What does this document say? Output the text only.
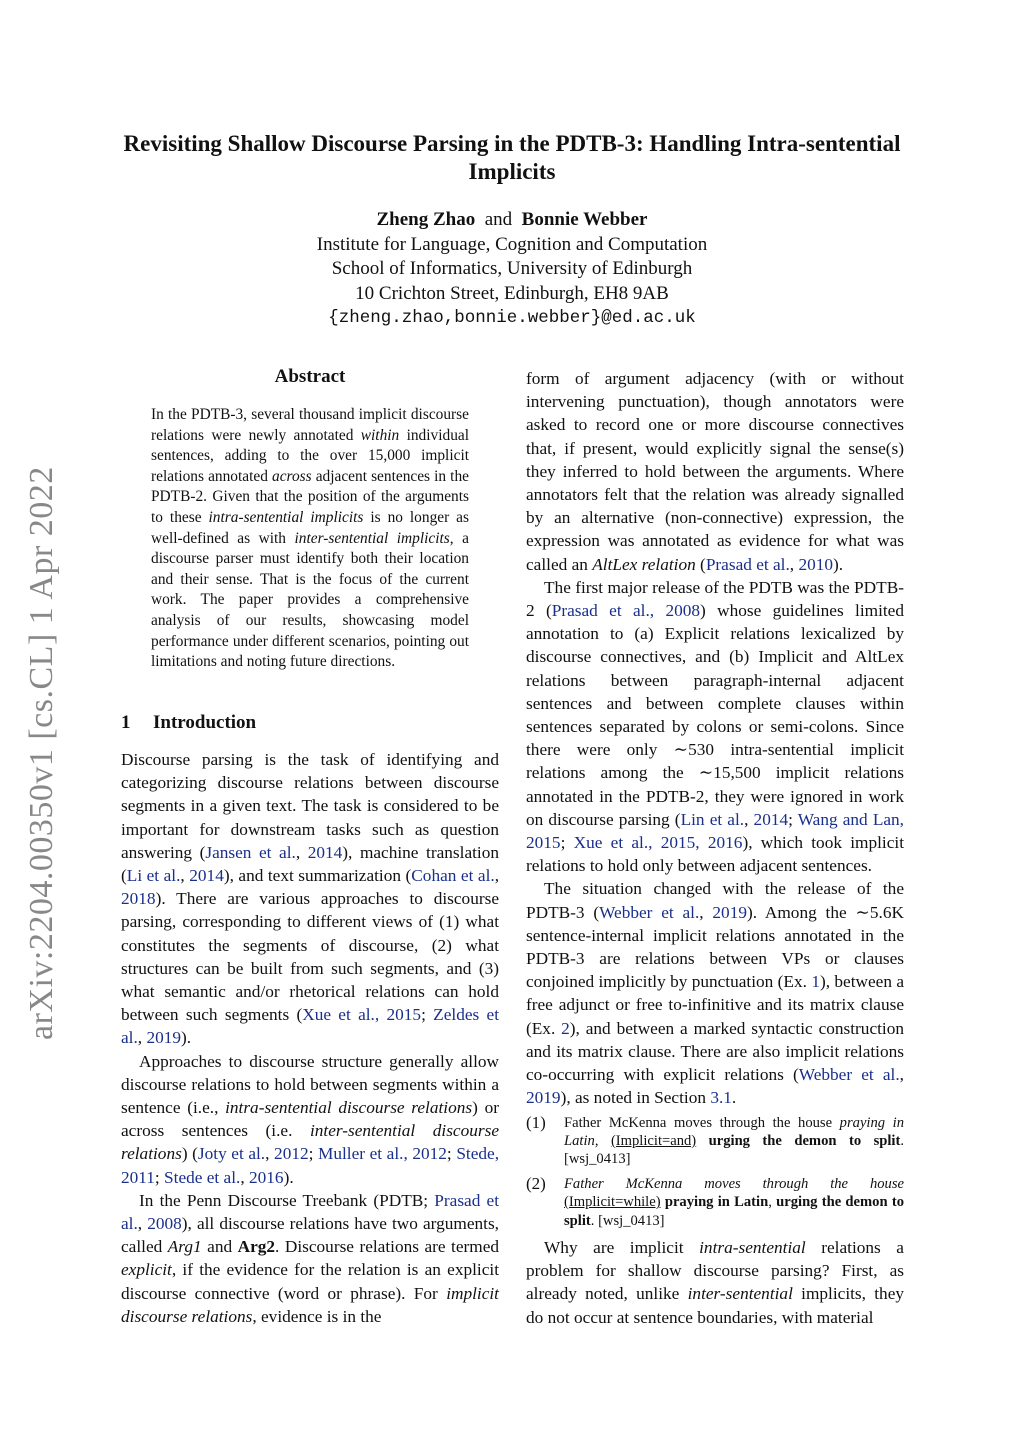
arXiv:2204.00350v1 [cs.CL] 1 Apr 2022
Revisiting Shallow Discourse Parsing in the PDTB-3: Handling Intra-sentential Implicits
Zheng Zhao and Bonnie Webber
Institute for Language, Cognition and Computation
School of Informatics, University of Edinburgh
10 Crichton Street, Edinburgh, EH8 9AB
{zheng.zhao,bonnie.webber}@ed.ac.uk
Abstract
In the PDTB-3, several thousand implicit discourse relations were newly annotated within individual sentences, adding to the over 15,000 implicit relations annotated across adjacent sentences in the PDTB-2. Given that the position of the arguments to these intra-sentential implicits is no longer as well-defined as with inter-sentential implicits, a discourse parser must identify both their location and their sense. That is the focus of the current work. The paper provides a comprehensive analysis of our results, showcasing model performance under different scenarios, pointing out limitations and noting future directions.
1 Introduction

Discourse parsing is the task of identifying and categorizing discourse relations between discourse segments in a given text. The task is considered to be important for downstream tasks such as question answering (Jansen et al., 2014), machine translation (Li et al., 2014), and text summarization (Cohan et al., 2018). There are various approaches to discourse parsing, corresponding to different views of (1) what constitutes the segments of discourse, (2) what structures can be built from such segments, and (3) what semantic and/or rhetorical relations can hold between such segments (Xue et al., 2015; Zeldes et al., 2019).

Approaches to discourse structure generally allow discourse relations to hold between segments within a sentence (i.e., intra-sentential discourse relations) or across sentences (i.e. inter-sentential discourse relations) (Joty et al., 2012; Muller et al., 2012; Stede, 2011; Stede et al., 2016).

In the Penn Discourse Treebank (PDTB; Prasad et al., 2008), all discourse relations have two arguments, called Arg1 and Arg2. Discourse relations are termed explicit, if the evidence for the relation is an explicit discourse connective (word or phrase). For implicit discourse relations, evidence is in the

form of argument adjacency (with or without intervening punctuation), though annotators were asked to record one or more discourse connectives that, if present, would explicitly signal the sense(s) they inferred to hold between the arguments. Where annotators felt that the relation was already signalled by an alternative (non-connective) expression, the expression was annotated as evidence for what was called an AltLex relation (Prasad et al., 2010).

The first major release of the PDTB was the PDTB-2 (Prasad et al., 2008) whose guidelines limited annotation to (a) Explicit relations lexicalized by discourse connectives, and (b) Implicit and AltLex relations between paragraph-internal adjacent sentences and between complete clauses within sentences separated by colons or semi-colons. Since there were only ∼530 intra-sentential implicit relations among the ∼15,500 implicit relations annotated in the PDTB-2, they were ignored in work on discourse parsing (Lin et al., 2014; Wang and Lan, 2015; Xue et al., 2015, 2016), which took implicit relations to hold only between adjacent sentences.

The situation changed with the release of the PDTB-3 (Webber et al., 2019). Among the ∼5.6K sentence-internal implicit relations annotated in the PDTB-3 are relations between VPs or clauses conjoined implicitly by punctuation (Ex. 1), between a free adjunct or free to-infinitive and its matrix clause (Ex. 2), and between a marked syntactic construction and its matrix clause. There are also implicit relations co-occurring with explicit relations (Webber et al., 2019), as noted in Section 3.1.

(1)	Father McKenna moves through the house praying in Latin, (Implicit=and) urging the demon to split. [wsj_0413]
(2)	Father McKenna moves through the house (Implicit=while) praying in Latin, urging the demon to split. [wsj_0413]

Why are implicit intra-sentential relations a problem for shallow discourse parsing? First, as already noted, unlike inter-sentential implicits, they do not occur at sentence boundaries, with material
